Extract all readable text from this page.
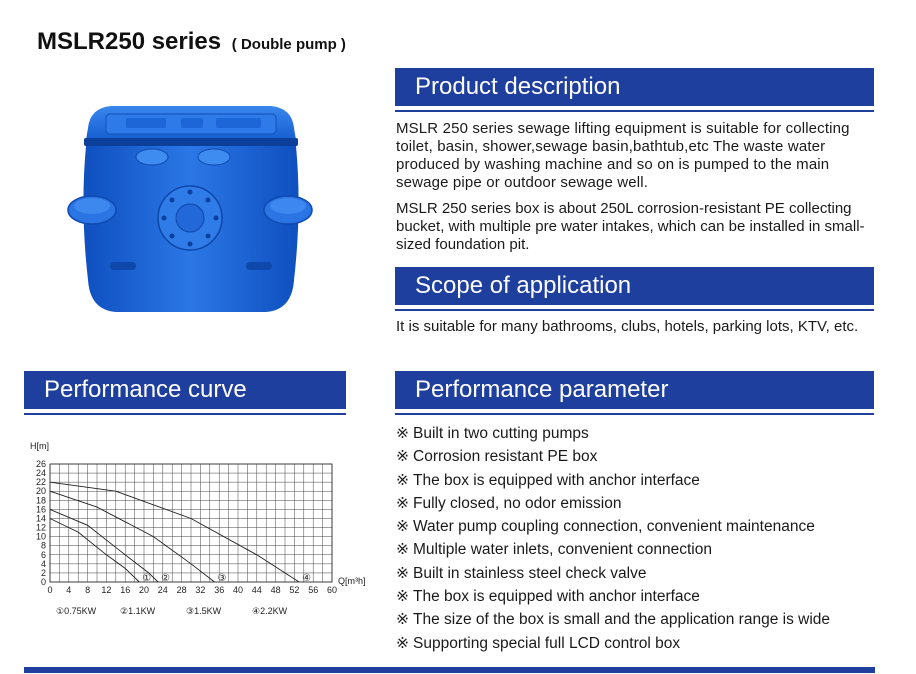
MSLR250 series ( Double pump )
Product description
MSLR 250 series sewage lifting equipment is suitable for collecting toilet, basin, shower,sewage basin,bathtub,etc The waste water produced by washing machine and so on is pumped to the main sewage pipe or outdoor sewage well.
MSLR 250 series box is about 250L corrosion-resistant PE collecting bucket, with multiple pre water intakes, which can be installed in small-sized foundation pit.
Scope of application
It is suitable for many bathrooms, clubs, hotels, parking lots, KTV, etc.
Performance curve
0 4 8 12 16 20 24 28 32 36 40 44 48 52 56 60
0
2
4
6
8
10
12
14
16
18
20
22
24
26
H[m]
Q[m³h]
①
①0.75KW
②
②1.1KW
③
③1.5KW
④
④2.2KW
Performance parameter
※ Built in two cutting pumps
※ Corrosion resistant PE box
※ The box is equipped with anchor interface
※ Fully closed, no odor emission
※ Water pump coupling connection, convenient maintenance
※ Multiple water inlets, convenient connection
※ Built in stainless steel check valve
※ The box is equipped with anchor interface
※ The size of the box is small and the application range is wide
※ Supporting special full LCD control box
